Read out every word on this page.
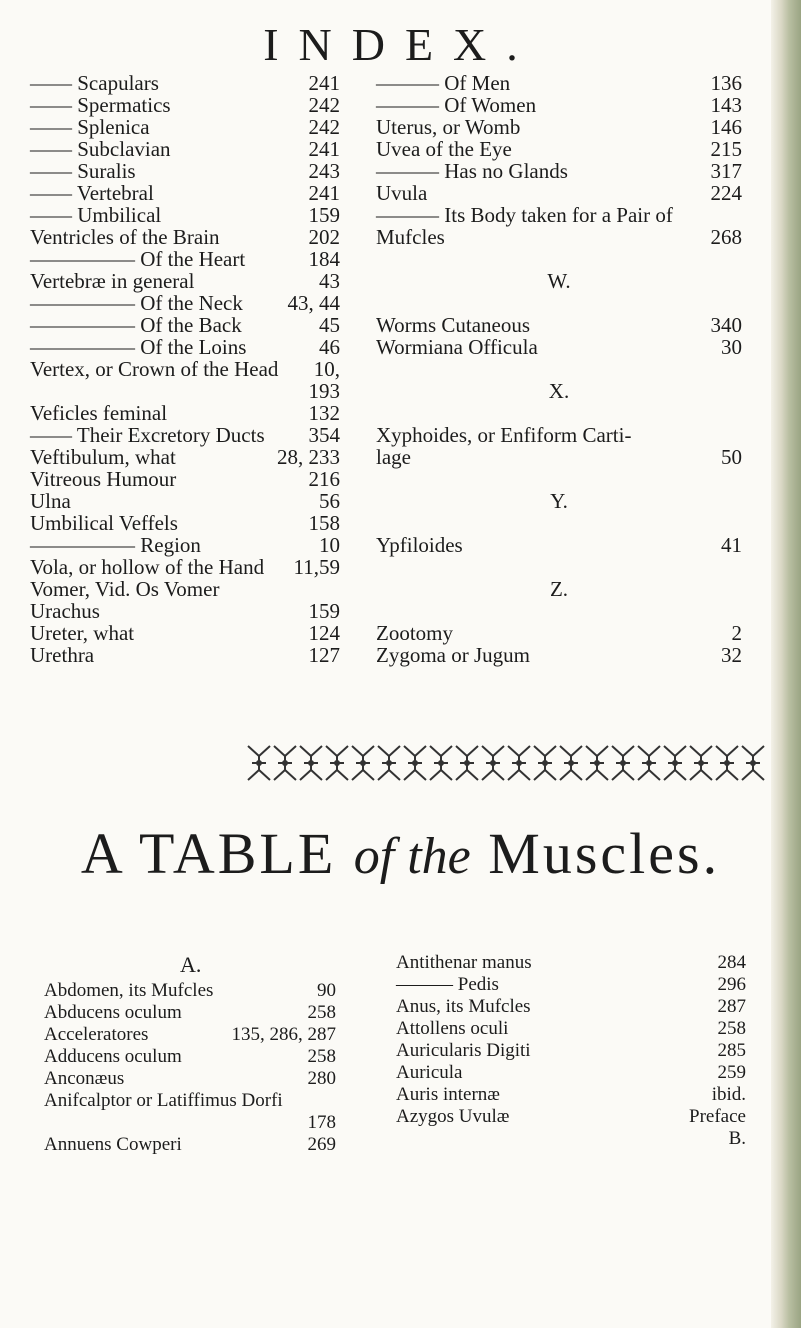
INDEX.
—— Scapulars	241
—— Spermatics	242
—— Splenica	242
—— Subclavian	241
—— Suralis	243
—— Vertebral	241
—— Umbilical	159
Ventricles of the Brain	202
————— Of the Heart	184
Vertebræ in general	43
————— Of the Neck 43, 44
————— Of the Back	45
————— Of the Loins	46
Vertex, or Crown of the Head 10,
193
Veficles feminal	132
—— Their Excretory Ducts 354
Veftibulum, what	28, 233
Vitreous Humour	216
Ulna	56
Umbilical Veffels	158
————— Region	10
Vola, or hollow of the Hand 11,59
Vomer, Vid. Os Vomer
Urachus	159
Ureter, what	124
Urethra	127
——— Of Men	136
——— Of Women	143
Uterus, or Womb	146
Uvea of the Eye	215
——— Has no Glands	317
Uvula	224
——— Its Body taken for a Pair of
Mufcles	268
W.
Worms Cutaneous	340
Wormiana Officula	30
X.
Xyphoides, or Enfiform Carti-
lage	50
Y.
Ypfiloides	41
Z.
Zootomy	2
Zygoma or Jugum	32
A TABLE of the Muscles.
A.
Abdomen, its Mufcles	90
Abducens oculum	258
Acceleratores	135, 286, 287
Adducens oculum	258
Anconæus	280
Anifcalptor or Latiffimus Dorfi
178
Annuens Cowperi	269
Antithenar manus	284
——— Pedis	296
Anus, its Mufcles	287
Attollens oculi	258
Auricularis Digiti	285
Auricula	259
Auris internæ	ibid.
Azygos Uvulæ	Preface
B.
